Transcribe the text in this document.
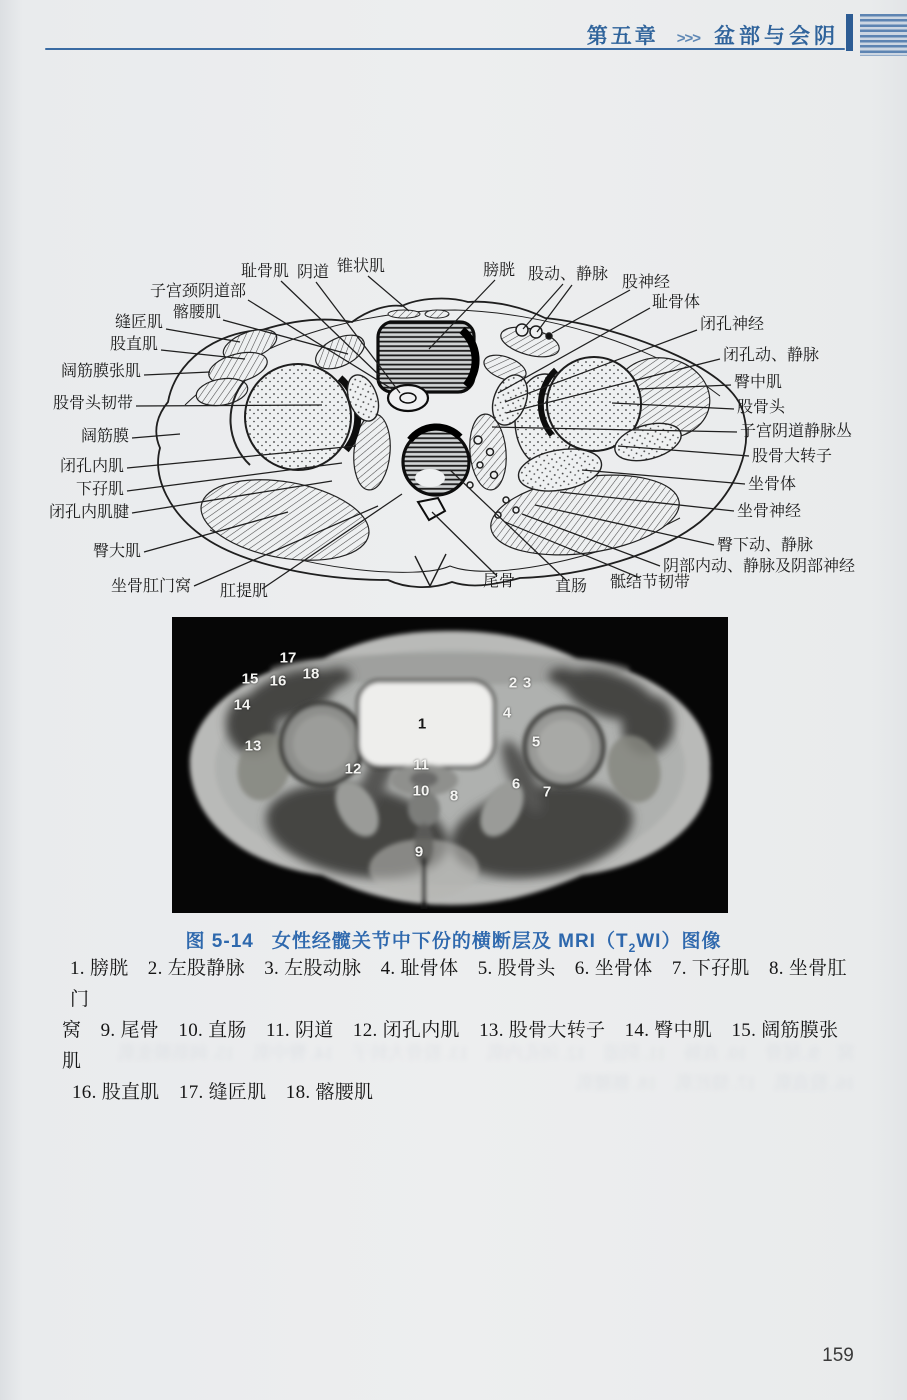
第五章 >>> 盆部与会阴
耻骨肌 阴道 锥状肌
子宫颈阴道部
髂腰肌
缝匠肌
股直肌
阔筋膜张肌
股骨头韧带
阔筋膜
闭孔内肌
下孖肌
闭孔内肌腱
臀大肌
坐骨肛门窝 肛提肌
膀胱 股动、静脉 股神经
耻骨体
闭孔神经
闭孔动、静脉
臀中肌
股骨头
子宫阴道静脉丛
股骨大转子
坐骨体
坐骨神经
臀下动、静脉
阴部内动、静脉及阴部神经
骶结节韧带
直肠
尾骨
1
2 3
4
5
6 7
8
9
10
11
12
13
14
15 16
17
18
图 5-14 女性经髋关节中下份的横断层及 $MRI(T_2WI)$图像
1. 膀胱　2. 左股静脉　3. 左股动脉　4. 耻骨体　5. 股骨头　6. 坐骨体　7. 下孖肌　8. 坐骨肛门
窝　9. 尾骨　10. 直肠　11. 阴道　12. 闭孔内肌　13. 股骨大转子　14. 臀中肌　15. 阔筋膜张肌
16. 股直肌　17. 缝匠肌　18. 髂腰肌
窝　9. 尾骨　10. 直肠　11. 阴道　12. 闭孔内肌　13. 股骨大转子　14. 臀中肌　15. 阔筋膜张肌
16. 股直肌　17. 缝匠肌　18. 髂腰肌
159
